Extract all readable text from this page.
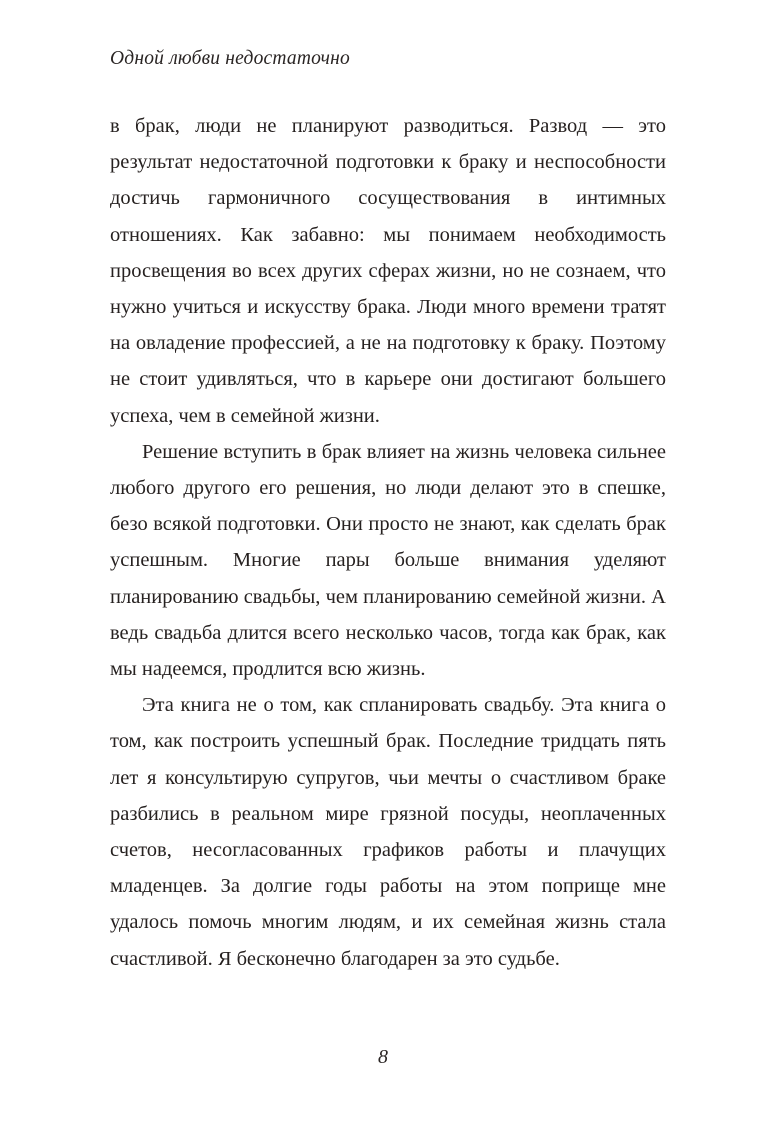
Одной любви недостаточно

в брак, люди не планируют разводиться. Развод — это результат недостаточной подготовки к браку и неспособности достичь гармоничного сосуществования в интимных отношениях. Как забавно: мы понимаем необходимость просвещения во всех других сферах жизни, но не сознаем, что нужно учиться и искусству брака. Люди много времени тратят на овладение профессией, а не на подготовку к браку. Поэтому не стоит удивляться, что в карьере они достигают большего успеха, чем в семейной жизни.

Решение вступить в брак влияет на жизнь человека сильнее любого другого его решения, но люди делают это в спешке, безо всякой подготовки. Они просто не знают, как сделать брак успешным. Многие пары больше внимания уделяют планированию свадьбы, чем планированию семейной жизни. А ведь свадьба длится всего несколько часов, тогда как брак, как мы надеемся, продлится всю жизнь.

Эта книга не о том, как спланировать свадьбу. Эта книга о том, как построить успешный брак. Последние тридцать пять лет я консультирую супругов, чьи мечты о счастливом браке разбились в реальном мире грязной посуды, неоплаченных счетов, несогласованных графиков работы и плачущих младенцев. За долгие годы работы на этом поприще мне удалось помочь многим людям, и их семейная жизнь стала счастливой. Я бесконечно благодарен за это судьбе.

8
